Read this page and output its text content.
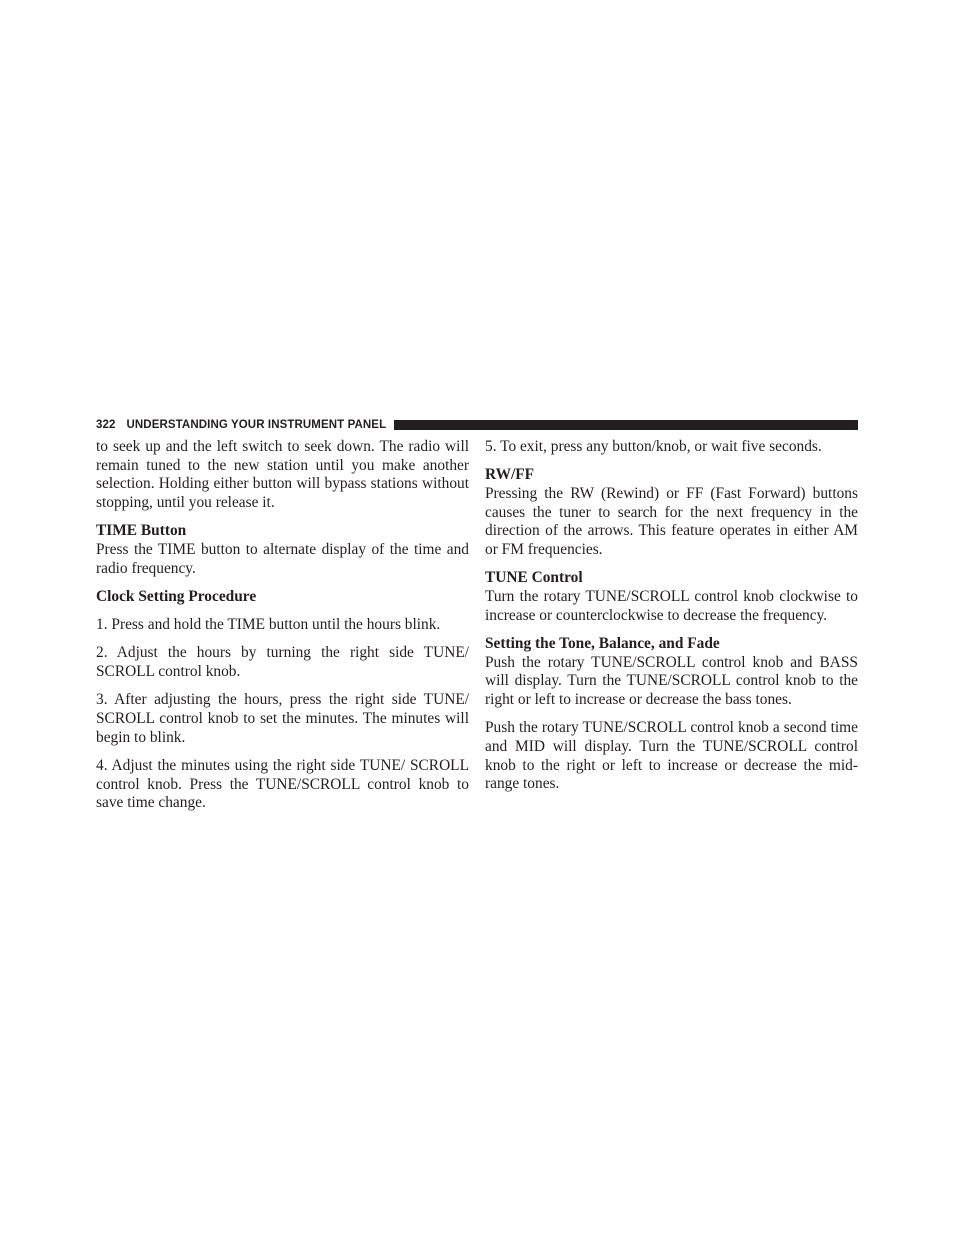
322 UNDERSTANDING YOUR INSTRUMENT PANEL

to seek up and the left switch to seek down. The radio will remain tuned to the new station until you make another selection. Holding either button will bypass stations without stopping, until you release it.

TIME Button

Press the TIME button to alternate display of the time and radio frequency.

Clock Setting Procedure

1. Press and hold the TIME button until the hours blink.

2. Adjust the hours by turning the right side TUNE/ SCROLL control knob.

3. After adjusting the hours, press the right side TUNE/ SCROLL control knob to set the minutes. The minutes will begin to blink.

4. Adjust the minutes using the right side TUNE/ SCROLL control knob. Press the TUNE/SCROLL control knob to save time change.

5. To exit, press any button/knob, or wait five seconds.

RW/FF

Pressing the RW (Rewind) or FF (Fast Forward) buttons causes the tuner to search for the next frequency in the direction of the arrows. This feature operates in either AM or FM frequencies.

TUNE Control

Turn the rotary TUNE/SCROLL control knob clockwise to increase or counterclockwise to decrease the frequency.

Setting the Tone, Balance, and Fade

Push the rotary TUNE/SCROLL control knob and BASS will display. Turn the TUNE/SCROLL control knob to the right or left to increase or decrease the bass tones.

Push the rotary TUNE/SCROLL control knob a second time and MID will display. Turn the TUNE/SCROLL control knob to the right or left to increase or decrease the mid-range tones.
